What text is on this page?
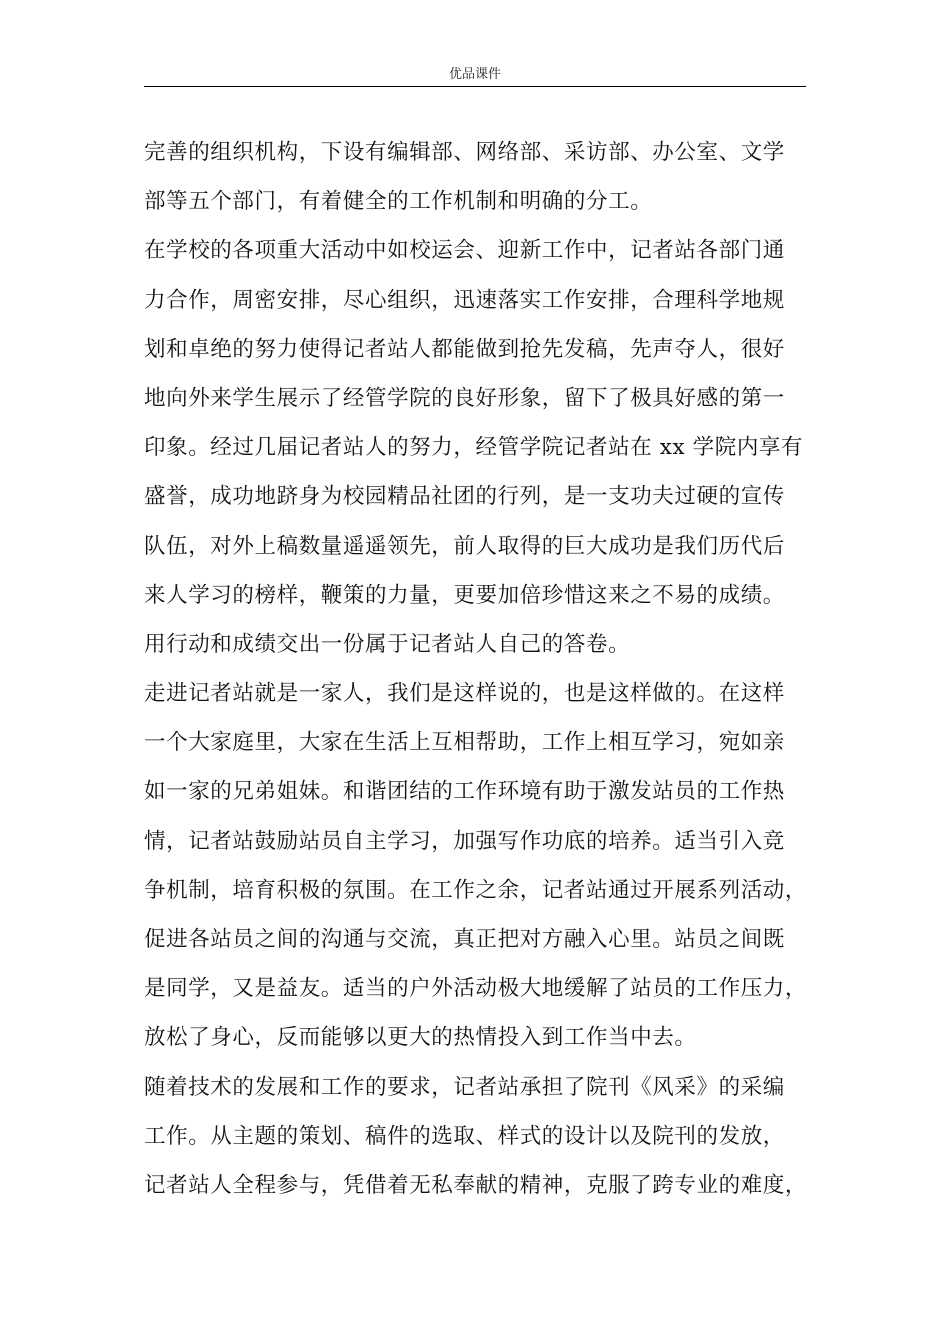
优品课件
完善的组织机构，下设有编辑部、网络部、采访部、办公室、文学
部等五个部门，有着健全的工作机制和明确的分工。
在学校的各项重大活动中如校运会、迎新工作中，记者站各部门通
力合作，周密安排，尽心组织，迅速落实工作安排，合理科学地规
划和卓绝的努力使得记者站人都能做到抢先发稿，先声夺人，很好
地向外来学生展示了经管学院的良好形象，留下了极具好感的第一
印象。经过几届记者站人的努力，经管学院记者站在 xx 学院内享有
盛誉，成功地跻身为校园精品社团的行列，是一支功夫过硬的宣传
队伍，对外上稿数量遥遥领先，前人取得的巨大成功是我们历代后
来人学习的榜样，鞭策的力量，更要加倍珍惜这来之不易的成绩。
用行动和成绩交出一份属于记者站人自己的答卷。
走进记者站就是一家人，我们是这样说的，也是这样做的。在这样
一个大家庭里，大家在生活上互相帮助，工作上相互学习，宛如亲
如一家的兄弟姐妹。和谐团结的工作环境有助于激发站员的工作热
情，记者站鼓励站员自主学习，加强写作功底的培养。适当引入竞
争机制，培育积极的氛围。在工作之余，记者站通过开展系列活动，
促进各站员之间的沟通与交流，真正把对方融入心里。站员之间既
是同学，又是益友。适当的户外活动极大地缓解了站员的工作压力，
放松了身心，反而能够以更大的热情投入到工作当中去。
随着技术的发展和工作的要求，记者站承担了院刊《风采》的采编
工作。从主题的策划、稿件的选取、样式的设计以及院刊的发放，
记者站人全程参与，凭借着无私奉献的精神，克服了跨专业的难度，
